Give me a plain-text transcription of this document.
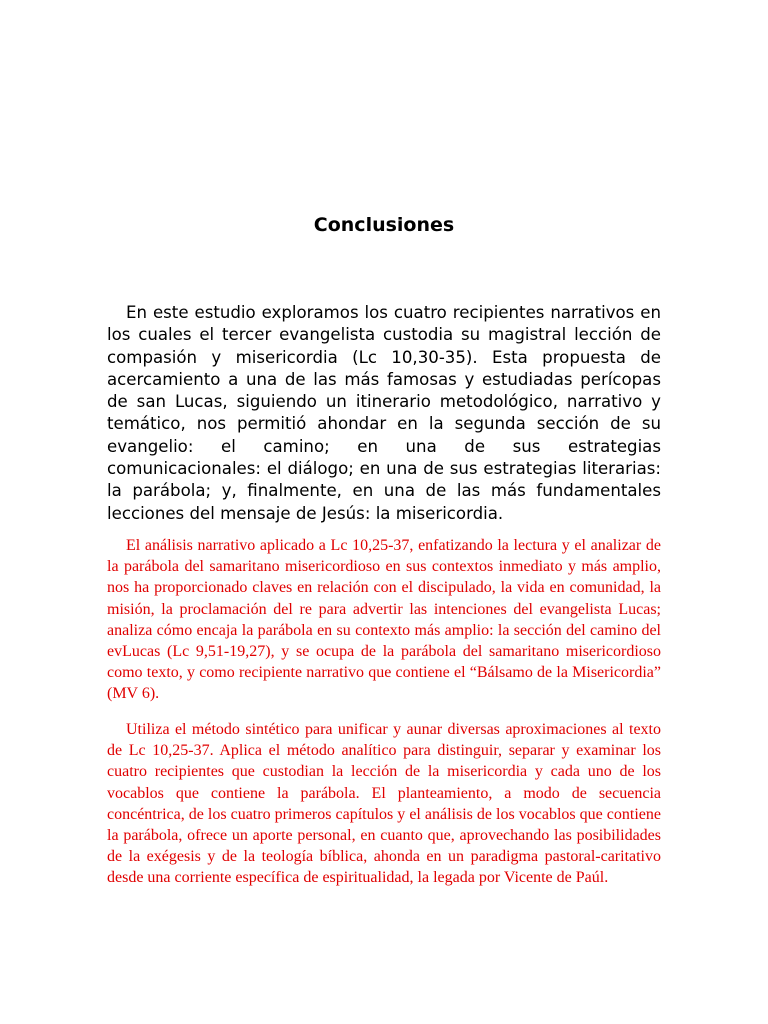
Conclusiones

En este estudio exploramos los cuatro recipientes narrativos en los cuales el tercer evangelista custodia su magistral lección de compasión y misericordia (Lc 10,30-35). Esta propuesta de acercamiento a una de las más famosas y estudiadas perícopas de san Lucas, siguiendo un itinerario metodológico, narrativo y temático, nos permitió ahondar en la segunda sección de su evangelio: el camino; en una de sus estrategias comunicacionales: el diálogo; en una de sus estrategias literarias: la parábola; y, finalmente, en una de las más fundamentales lecciones del mensaje de Jesús: la misericordia.

El análisis narrativo aplicado a Lc 10,25-37, enfatizando la lectura y el analizar de la parábola del samaritano misericordioso en sus contextos inmediato y más amplio, nos ha proporcionado claves en relación con el discipulado, la vida en comunidad, la misión, la proclamación del re para advertir las intenciones del evangelista Lucas; analiza cómo encaja la parábola en su contexto más amplio: la sección del camino del evLucas (Lc 9,51-19,27), y se ocupa de la parábola del samaritano misericordioso como texto, y como recipiente narrativo que contiene el “Bálsamo de la Misericordia” (MV 6).

Utiliza el método sintético para unificar y aunar diversas aproximaciones al texto de Lc 10,25-37. Aplica el método analítico para distinguir, separar y examinar los cuatro recipientes que custodian la lección de la misericordia y cada uno de los vocablos que contiene la parábola. El planteamiento, a modo de secuencia concéntrica, de los cuatro primeros capítulos y el análisis de los vocablos que contiene la parábola, ofrece un aporte personal, en cuanto que, aprovechando las posibilidades de la exégesis y de la teología bíblica, ahonda en un paradigma pastoral-caritativo desde una corriente específica de espiritualidad, la legada por Vicente de Paúl.
